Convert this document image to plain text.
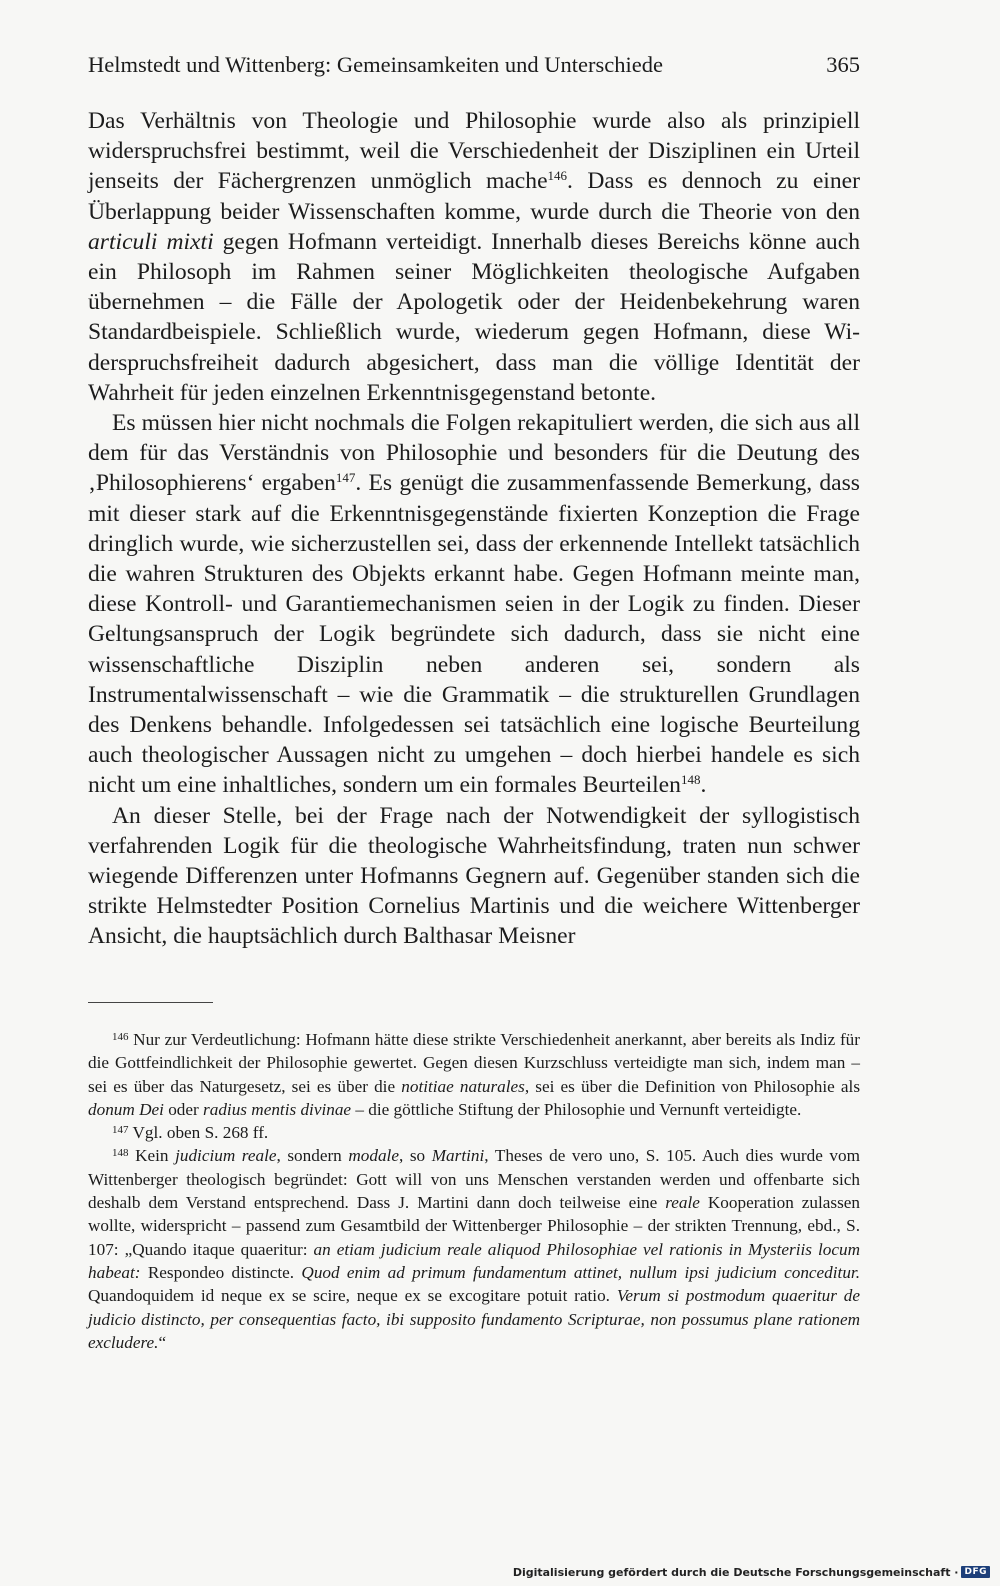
Helmstedt und Wittenberg: Gemeinsamkeiten und Unterschiede	365

Das Verhältnis von Theologie und Philosophie wurde also als prinzipiell widerspruchsfrei bestimmt, weil die Verschiedenheit der Disziplinen ein Urteil jenseits der Fächergrenzen unmöglich mache$^{146}$. Dass es dennoch zu einer Überlappung beider Wissenschaften komme, wurde durch die Theorie von den articuli mixti gegen Hofmann verteidigt. Innerhalb dieses Bereichs könne auch ein Philosoph im Rahmen seiner Möglichkeiten theologische Aufgaben übernehmen – die Fälle der Apologetik oder der Heidenbekehrung waren Standardbeispiele. Schließlich wurde, wiederum gegen Hofmann, diese Widerspruchsfreiheit dadurch abgesichert, dass man die völlige Identität der Wahrheit für jeden einzelnen Erkenntnisgegenstand betonte.

Es müssen hier nicht nochmals die Folgen rekapituliert werden, die sich aus all dem für das Verständnis von Philosophie und besonders für die Deutung des ‚Philosophierens‘ ergaben$^{147}$. Es genügt die zusammenfassende Bemerkung, dass mit dieser stark auf die Erkenntnisgegenstände fixierten Konzeption die Frage dringlich wurde, wie sicherzustellen sei, dass der erkennende Intellekt tatsächlich die wahren Strukturen des Objekts erkannt habe. Gegen Hofmann meinte man, diese Kontroll- und Garantiemechanismen seien in der Logik zu finden. Dieser Geltungsanspruch der Logik begründete sich dadurch, dass sie nicht eine wissenschaftliche Disziplin neben anderen sei, sondern als Instrumentalwissenschaft – wie die Grammatik – die strukturellen Grundlagen des Denkens behandle. Infolgedessen sei tatsächlich eine logische Beurteilung auch theologischer Aussagen nicht zu umgehen – doch hierbei handele es sich nicht um eine inhaltliches, sondern um ein formales Beurteilen$^{148}$.

An dieser Stelle, bei der Frage nach der Notwendigkeit der syllogistisch verfahrenden Logik für die theologische Wahrheitsfindung, traten nun schwer wiegende Differenzen unter Hofmanns Gegnern auf. Gegenüber standen sich die strikte Helmstedter Position Cornelius Martinis und die weichere Wittenberger Ansicht, die hauptsächlich durch Balthasar Meisner

$^{146}$ Nur zur Verdeutlichung: Hofmann hätte diese strikte Verschiedenheit anerkannt, aber bereits als Indiz für die Gottfeindlichkeit der Philosophie gewertet. Gegen diesen Kurzschluss verteidigte man sich, indem man – sei es über das Naturgesetz, sei es über die notitiae naturales, sei es über die Definition von Philosophie als donum Dei oder radius mentis divinae – die göttliche Stiftung der Philosophie und Vernunft verteidigte.

$^{147}$ Vgl. oben S. 268 ff.

$^{148}$ Kein judicium reale, sondern modale, so Martini, Theses de vero uno, S. 105. Auch dies wurde vom Wittenberger theologisch begründet: Gott will von uns Menschen verstanden werden und offenbarte sich deshalb dem Verstand entsprechend. Dass J. Martini dann doch teilweise eine reale Kooperation zulassen wollte, widerspricht – passend zum Gesamtbild der Wittenberger Philosophie – der strikten Trennung, ebd., S. 107: „Quando itaque quaeritur: an etiam judicium reale aliquod Philosophiae vel rationis in Mysteriis locum habeat: Respondeo distincte. Quod enim ad primum fundamentum attinet, nullum ipsi judicium conceditur. Quandoquidem id neque ex se scire, neque ex se excogitare potuit ratio. Verum si postmodum quaeritur de judicio distincto, per consequentias facto, ibi supposito fundamento Scripturae, non possumus plane rationem excludere.“

Digitalisierung gefördert durch die Deutsche Forschungsgemeinschaft · DFG
